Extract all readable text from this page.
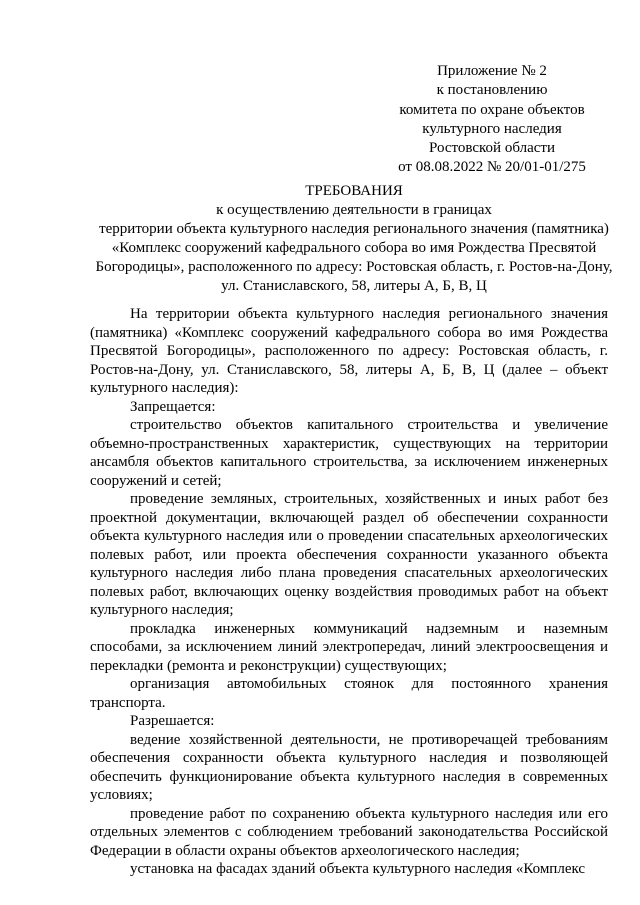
Приложение № 2
к постановлению
комитета по охране объектов
культурного наследия
Ростовской области
от 08.08.2022 № 20/01-01/275
ТРЕБОВАНИЯ
к осуществлению деятельности в границах
территории объекта культурного наследия регионального значения (памятника)
«Комплекс сооружений кафедрального собора во имя Рождества Пресвятой
Богородицы», расположенного по адресу: Ростовская область, г. Ростов-на-Дону,
ул. Станиславского, 58, литеры А, Б, В, Ц

На территории объекта культурного наследия регионального значения (памятника) «Комплекс сооружений кафедрального собора во имя Рождества Пресвятой Богородицы», расположенного по адресу: Ростовская область, г. Ростов-на-Дону, ул. Станиславского, 58, литеры А, Б, В, Ц (далее – объект культурного наследия):

Запрещается:

строительство объектов капитального строительства и увеличение объемно-пространственных характеристик, существующих на территории ансамбля объектов капитального строительства, за исключением инженерных сооружений и сетей;

проведение земляных, строительных, хозяйственных и иных работ без проектной документации, включающей раздел об обеспечении сохранности объекта культурного наследия или о проведении спасательных археологических полевых работ, или проекта обеспечения сохранности указанного объекта культурного наследия либо плана проведения спасательных археологических полевых работ, включающих оценку воздействия проводимых работ на объект культурного наследия;

прокладка инженерных коммуникаций надземным и наземным способами, за исключением линий электропередач, линий электроосвещения и перекладки (ремонта и реконструкции) существующих;

организация автомобильных стоянок для постоянного хранения транспорта.

Разрешается:

ведение хозяйственной деятельности, не противоречащей требованиям обеспечения сохранности объекта культурного наследия и позволяющей обеспечить функционирование объекта культурного наследия в современных условиях;

проведение работ по сохранению объекта культурного наследия или его отдельных элементов с соблюдением требований законодательства Российской Федерации в области охраны объектов археологического наследия;

установка на фасадах зданий объекта культурного наследия «Комплекс
